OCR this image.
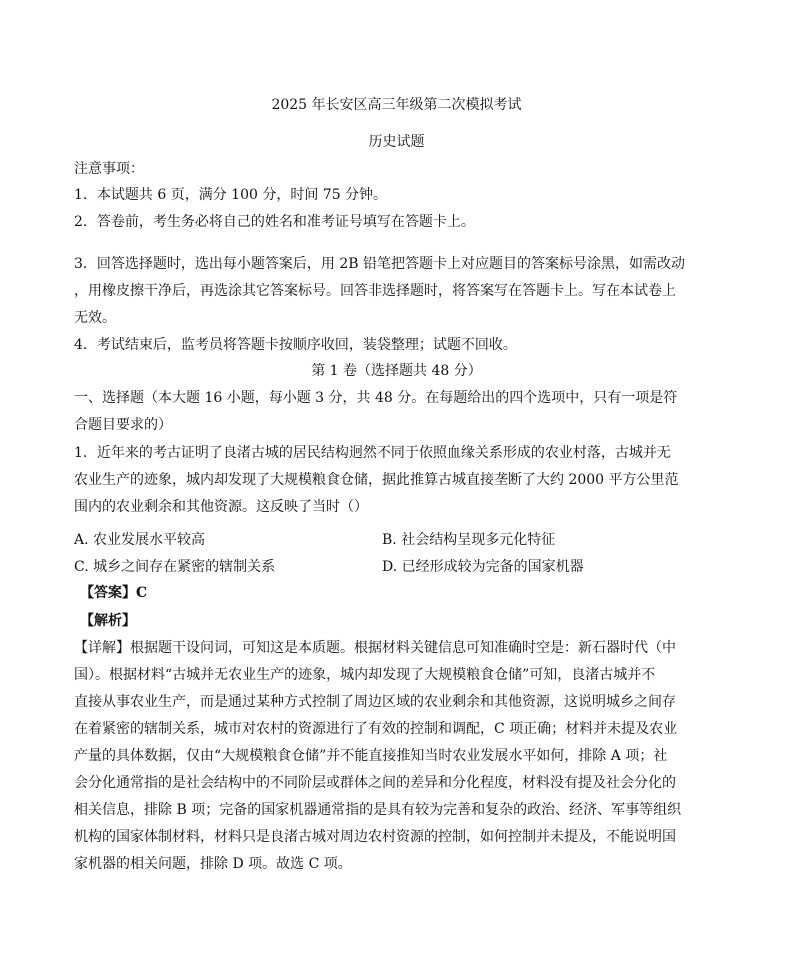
2025 年长安区高三年级第二次模拟考试
历史试题
注意事项：
1．本试题共 6 页，满分 100 分，时间 75 分钟。
2．答卷前，考生务必将自己的姓名和准考证号填写在答题卡上。
3．回答选择题时，选出每小题答案后，用 2B 铅笔把答题卡上对应题目的答案标号涂黑，如需改动
，用橡皮擦干净后，再选涂其它答案标号。回答非选择题时，将答案写在答题卡上。写在本试卷上
无效。
4．考试结束后，监考员将答题卡按顺序收回，装袋整理；试题不回收。
第 1 卷（选择题共 48 分）
一、选择题（本大题 16 小题，每小题 3 分，共 48 分。在每题给出的四个选项中，只有一项是符
合题目要求的）
1．近年来的考古证明了良渚古城的居民结构迥然不同于依照血缘关系形成的农业村落，古城并无
农业生产的迹象，城内却发现了大规模粮食仓储，据此推算古城直接垄断了大约 2000 平方公里范
围内的农业剩余和其他资源。这反映了当时（）
A. 农业发展水平较高	B. 社会结构呈现多元化特征
C. 城乡之间存在紧密的辖制关系	D. 已经形成较为完备的国家机器
【答案】C
【解析】
【详解】根据题干设问词，可知这是本质题。根据材料关键信息可知准确时空是：新石器时代（中
国）。根据材料“古城并无农业生产的迹象，城内却发现了大规模粮食仓储”可知，良渚古城并不
直接从事农业生产，而是通过某种方式控制了周边区域的农业剩余和其他资源，这说明城乡之间存
在着紧密的辖制关系，城市对农村的资源进行了有效的控制和调配，C 项正确；材料并未提及农业
产量的具体数据，仅由“大规模粮食仓储”并不能直接推知当时农业发展水平如何，排除 A 项；社
会分化通常指的是社会结构中的不同阶层或群体之间的差异和分化程度，材料没有提及社会分化的
相关信息，排除 B 项；完备的国家机器通常指的是具有较为完善和复杂的政治、经济、军事等组织
机构的国家体制材料，材料只是良渚古城对周边农村资源的控制，如何控制并未提及，不能说明国
家机器的相关问题，排除 D 项。故选 C 项。
